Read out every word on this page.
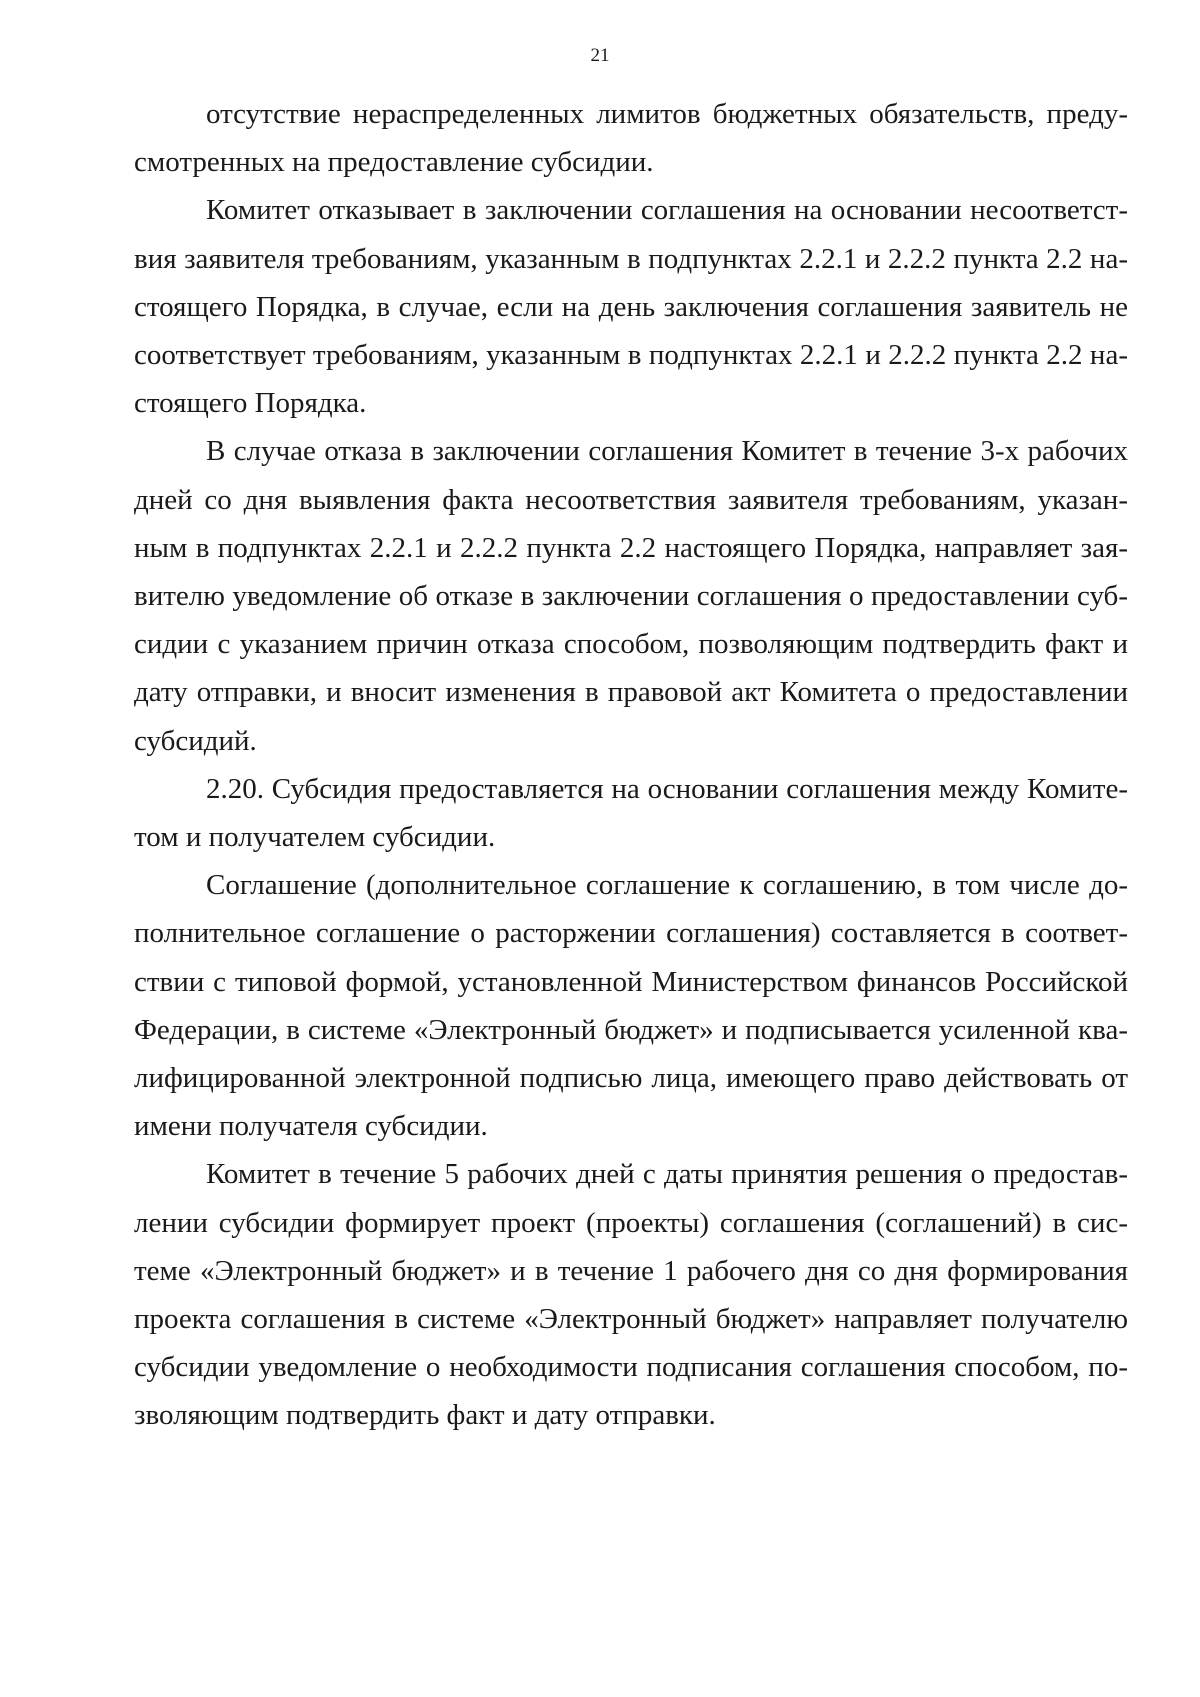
21

отсутствие нераспределенных лимитов бюджетных обязательств, предусмотренных на предоставление субсидии.

Комитет отказывает в заключении соглашения на основании несоответствия заявителя требованиям, указанным в подпунктах 2.2.1 и 2.2.2 пункта 2.2 настоящего Порядка, в случае, если на день заключения соглашения заявитель не соответствует требованиям, указанным в подпунктах 2.2.1 и 2.2.2 пункта 2.2 настоящего Порядка.

В случае отказа в заключении соглашения Комитет в течение 3-х рабочих дней со дня выявления факта несоответствия заявителя требованиям, указанным в подпунктах 2.2.1 и 2.2.2 пункта 2.2 настоящего Порядка, направляет заявителю уведомление об отказе в заключении соглашения о предоставлении субсидии с указанием причин отказа способом, позволяющим подтвердить факт и дату отправки, и вносит изменения в правовой акт Комитета о предоставлении субсидий.

2.20. Субсидия предоставляется на основании соглашения между Комитетом и получателем субсидии.

Соглашение (дополнительное соглашение к соглашению, в том числе дополнительное соглашение о расторжении соглашения) составляется в соответствии с типовой формой, установленной Министерством финансов Российской Федерации, в системе «Электронный бюджет» и подписывается усиленной квалифицированной электронной подписью лица, имеющего право действовать от имени получателя субсидии.

Комитет в течение 5 рабочих дней с даты принятия решения о предоставлении субсидии формирует проект (проекты) соглашения (соглашений) в системе «Электронный бюджет» и в течение 1 рабочего дня со дня формирования проекта соглашения в системе «Электронный бюджет» направляет получателю субсидии уведомление о необходимости подписания соглашения способом, позволяющим подтвердить факт и дату отправки.
